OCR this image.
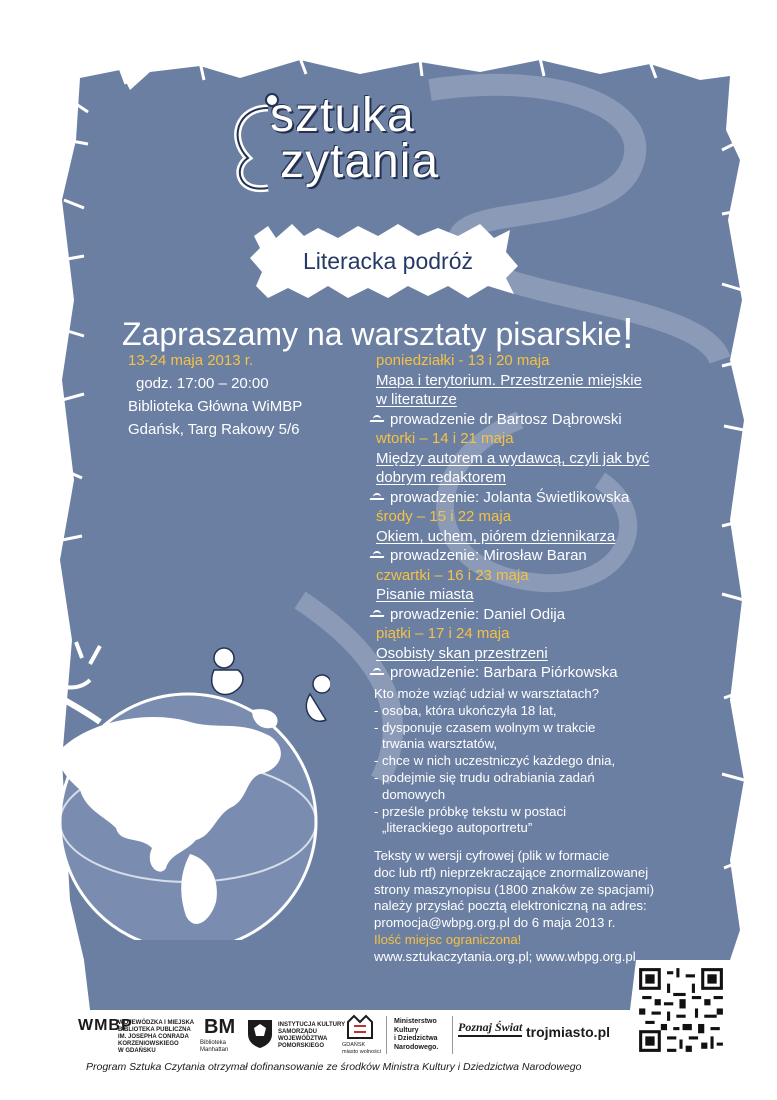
sztuka
zytania
Literacka podróż
Zapraszamy na warsztaty pisarskie!
13-24 maja 2013 r.
godz. 17:00 – 20:00
Biblioteka Główna WiMBP
Gdańsk, Targ Rakowy 5/6
poniedziałki - 13 i 20 maja
Mapa i terytorium. Przestrzenie miejskie
w literaturze
prowadzenie dr Bartosz Dąbrowski
wtorki – 14 i 21 maja
Między autorem a wydawcą, czyli jak być
dobrym redaktorem
prowadzenie: Jolanta Świetlikowska
środy – 15 i 22 maja
Okiem, uchem, piórem dziennikarza
prowadzenie: Mirosław Baran
czwartki – 16 i 23 maja
Pisanie miasta
prowadzenie: Daniel Odija
piątki – 17 i 24 maja
Osobisty skan przestrzeni
prowadzenie: Barbara Piórkowska
Kto może wziąć udział w warsztatach?
- osoba, która ukończyła 18 lat,
- dysponuje czasem wolnym w trakcie
trwania warsztatów,
- chce w nich uczestniczyć każdego dnia,
- podejmie się trudu odrabiania zadań
domowych
- prześle próbkę tekstu w postaci
„literackiego autoportretu”
Teksty w wersji cyfrowej (plik w formacie
doc lub rtf) nieprzekraczające znormalizowanej
strony maszynopisu (1800 znaków ze spacjami)
należy przysłać pocztą elektroniczną na adres:
promocja@wbpg.org.pl do 6 maja 2013 r.
Ilość miejsc ograniczona!
www.sztukaczytania.org.pl; www.wbpg.org.pl
WMBP
WOJEWÓDZKA I MIEJSKA
BIBLIOTEKA PUBLICZNA
IM. JOSEPHA CONRADA
KORZENIOWSKIEGO
W GDAŃSKU
BM
Biblioteka
Manhattan
INSTYTUCJA KULTURY
SAMORZĄDU
WOJEWÓDZTWA
POMORSKIEGO	GDAŃSK
miasto wolności
Ministerstwo
Kultury
i Dziedzictwa
Narodowego.
Poznaj Świat trojmiasto.pl
Program Sztuka Czytania otrzymał dofinansowanie ze środków Ministra Kultury i Dziedzictwa Narodowego
